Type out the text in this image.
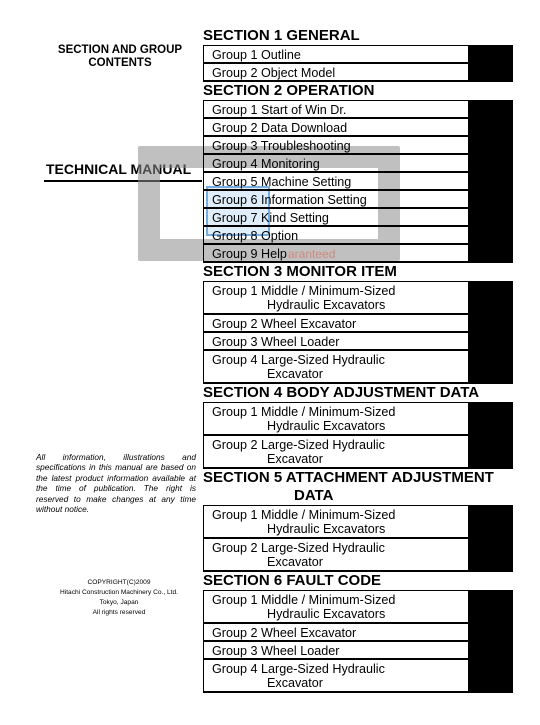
SECTION AND GROUP
CONTENTS
TECHNICAL MANUAL
aranteed
All information, illustrations and specifications in this manual are based on the latest product information available at the time of publication. The right is reserved to make changes at any time without notice.
COPYRIGHT(C)2009
Hitachi Construction Machinery Co., Ltd.
Tokyo, Japan
All rights reserved
SECTION 1 GENERAL
Group 1 Outline
Group 2 Object Model
SECTION 2 OPERATION
Group 1 Start of Win Dr.
Group 2 Data Download
Group 3 Troubleshooting
Group 4 Monitoring
Group 5 Machine Setting
Group 6 Information Setting
Group 7 Kind Setting
Group 8 Option
Group 9 Help
SECTION 3 MONITOR ITEM
Group 1 Middle / Minimum-Sized
Hydraulic Excavators
Group 2 Wheel Excavator
Group 3 Wheel Loader
Group 4 Large-Sized Hydraulic
Excavator
SECTION 4 BODY ADJUSTMENT DATA
Group 1 Middle / Minimum-Sized
Hydraulic Excavators
Group 2 Large-Sized Hydraulic
Excavator
SECTION 5 ATTACHMENT ADJUSTMENT
DATA
Group 1 Middle / Minimum-Sized
Hydraulic Excavators
Group 2 Large-Sized Hydraulic
Excavator
SECTION 6 FAULT CODE
Group 1 Middle / Minimum-Sized
Hydraulic Excavators
Group 2 Wheel Excavator
Group 3 Wheel Loader
Group 4 Large-Sized Hydraulic
Excavator
